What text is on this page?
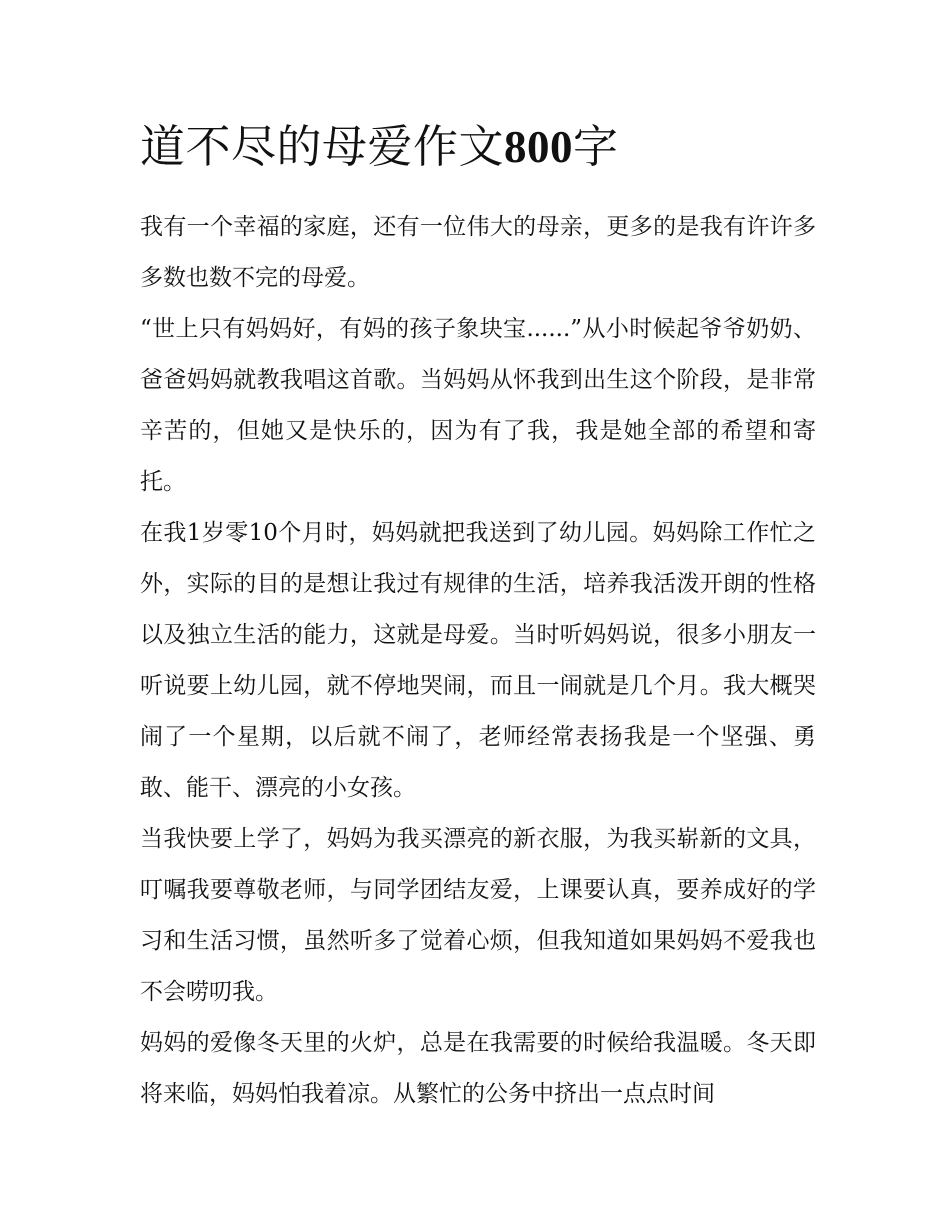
道不尽的母爱作文800字

我有一个幸福的家庭，还有一位伟大的母亲，更多的是我有许许多多数也数不完的母爱。

“世上只有妈妈好，有妈的孩子象块宝......”从小时候起爷爷奶奶、爸爸妈妈就教我唱这首歌。当妈妈从怀我到出生这个阶段，是非常辛苦的，但她又是快乐的，因为有了我，我是她全部的希望和寄托。

在我1岁零10个月时，妈妈就把我送到了幼儿园。妈妈除工作忙之外，实际的目的是想让我过有规律的生活，培养我活泼开朗的性格以及独立生活的能力，这就是母爱。当时听妈妈说，很多小朋友一听说要上幼儿园，就不停地哭闹，而且一闹就是几个月。我大概哭闹了一个星期，以后就不闹了，老师经常表扬我是一个坚强、勇敢、能干、漂亮的小女孩。

当我快要上学了，妈妈为我买漂亮的新衣服，为我买崭新的文具，叮嘱我要尊敬老师，与同学团结友爱，上课要认真，要养成好的学习和生活习惯，虽然听多了觉着心烦，但我知道如果妈妈不爱我也不会唠叨我。

妈妈的爱像冬天里的火炉，总是在我需要的时候给我温暖。冬天即将来临，妈妈怕我着凉。从繁忙的公务中挤出一点点时间
